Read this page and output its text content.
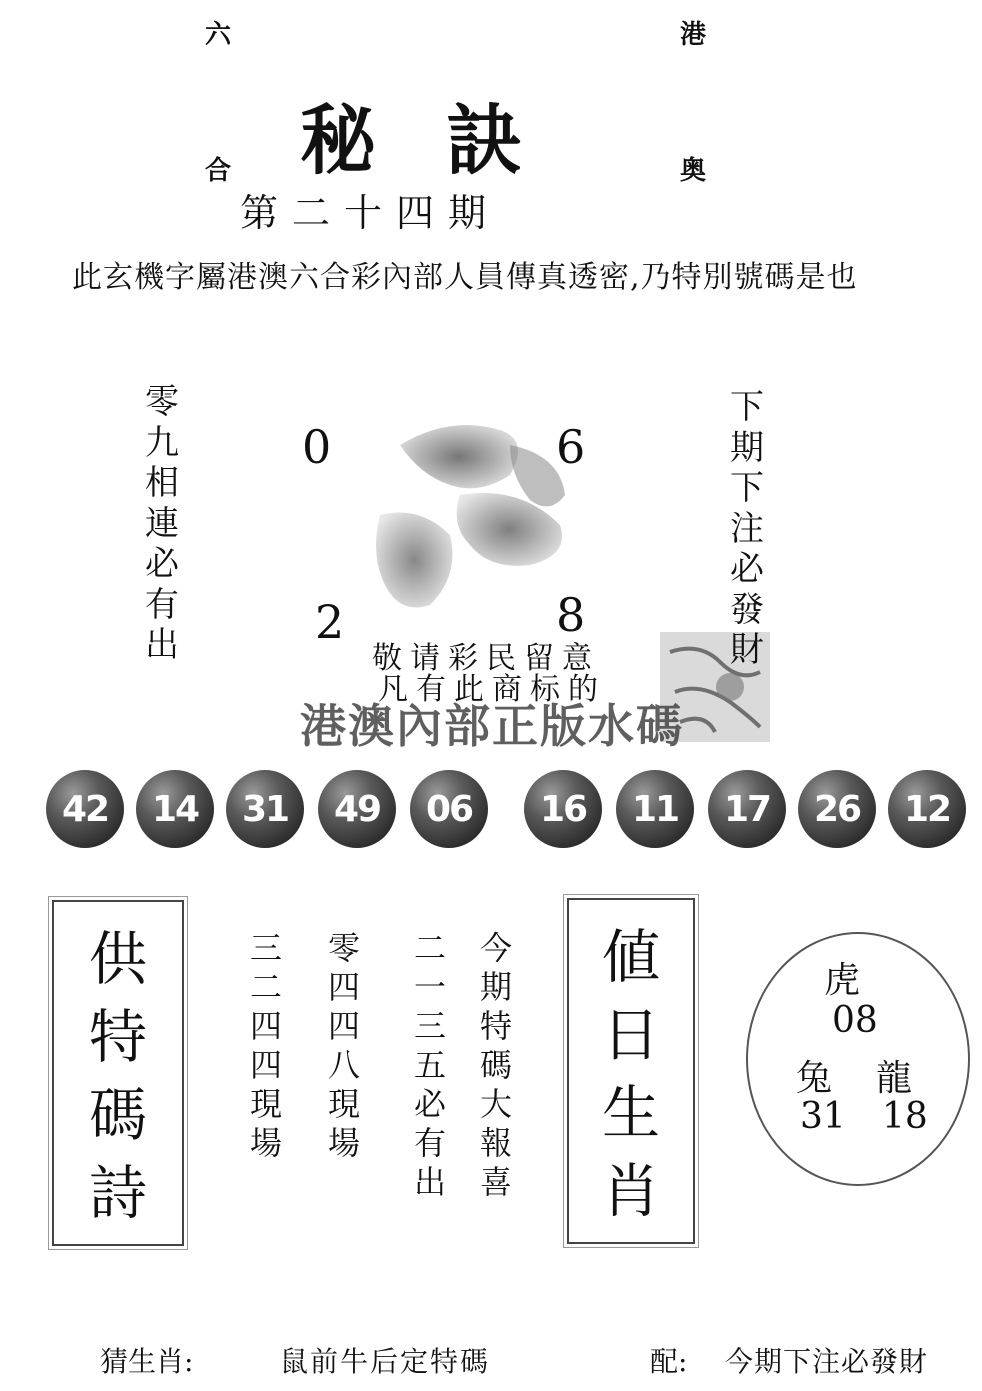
六	港
合	奥
秘訣
第二十四期
此玄機字屬港澳六合彩內部人員傳真透密,乃特別號碼是也
零
九
相
連
必
有
出
0	6
2	8
下
期
下
注
必
發
財
敬请彩民留意
凡有此商标的
港澳內部正版水碼
42	14	31	49	06	16	11	17	26	12
供
特
碼
詩
三
二
四
四
現
場
零
四
四
八
現
場
二
一
三
五
必
有
出
今
期
特
碼
大
報
喜
値
日
生
肖
虎
08
兔 龍
31 18
猜生肖:	鼠前牛后定特碼	配: 今期下注必發財
